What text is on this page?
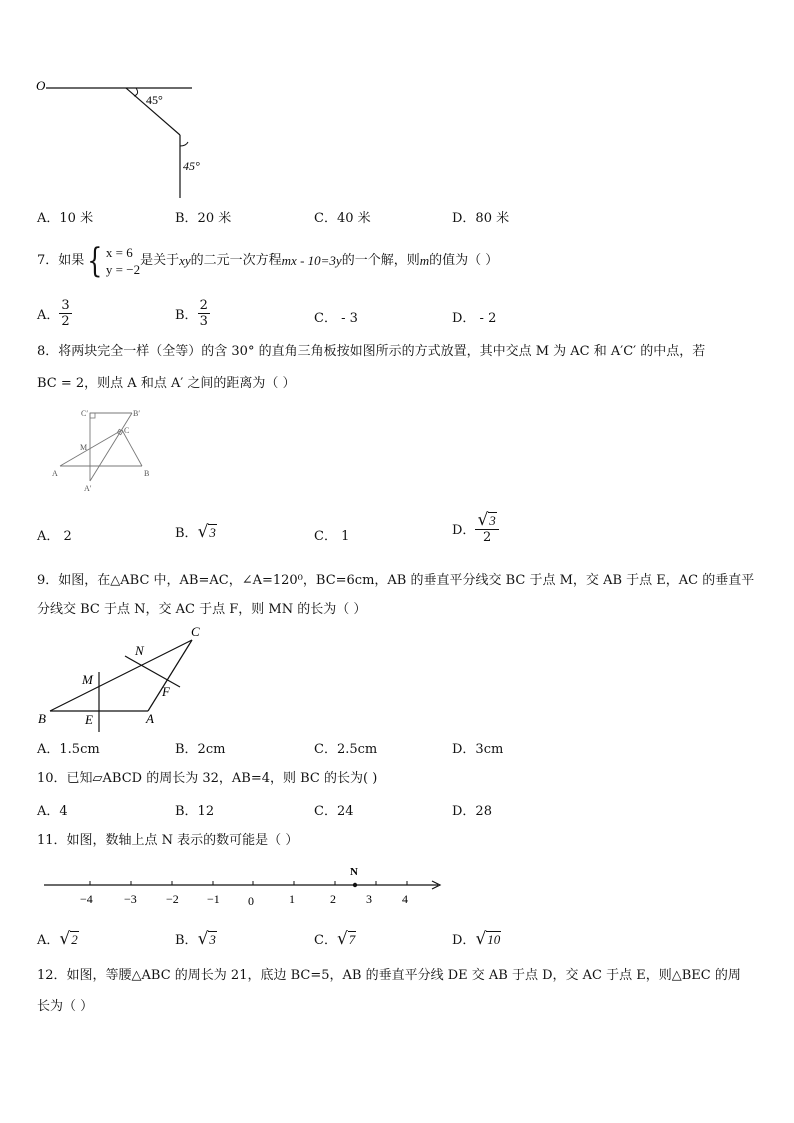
O
45°
45°
A．10 米	B．20 米	C．40 米	D．80 米
7．如果 { x = 6
y = −2
是关于 xy 的二元一次方程 mx - 10=3y 的一个解，则 m 的值为（ ）
A． $\frac{3}{2}$	B． $\frac{2}{3}$	C． - 3	D． - 2
8．将两块完全一样（全等）的含 30° 的直角三角板按如图所示的方式放置，其中交点 M 为 AC 和 A′C′ 的中点，若
BC = 2，则点 A 和点 A′ 之间的距离为（ ）
C′	B′
C
M
A	B
A′
A． 2	B． √ 3	C． 1	D． $\frac{√ 3}{2}$
9．如图，在△ABC 中，AB=AC，∠A=120⁰，BC=6cm，AB 的垂直平分线交 BC 于点 M，交 AB 于点 E，AC 的垂直平
分线交 BC 于点 N，交 AC 于点 F，则 MN 的长为（ ）
C
N
M
F
B	E	A
A．1.5cm	B．2cm	C．2.5cm	D．3cm
10．已知▱ABCD 的周长为 32，AB=4，则 BC 的长为( )
A．4	B．12	C．24	D．28
11．如图，数轴上点 N 表示的数可能是（ ）
−4	−3 −2 −1 0	1	2	3	4
N
A． √ 2	B． √ 3	C． √ 7	D． √ 10
12．如图，等腰△ABC 的周长为 21，底边 BC=5，AB 的垂直平分线 DE 交 AB 于点 D，交 AC 于点 E，则△BEC 的周
长为（ ）
